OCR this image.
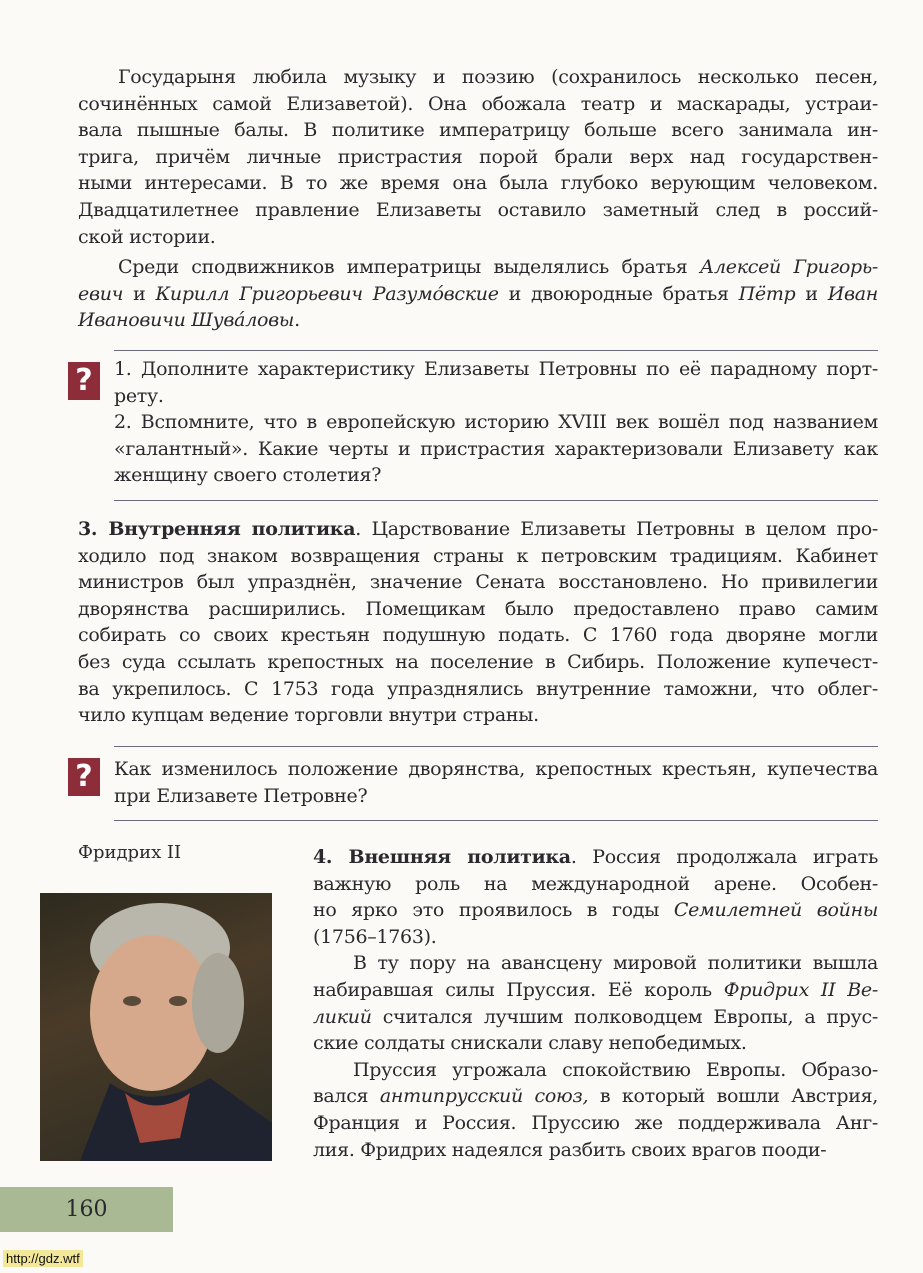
Государыня любила музыку и поэзию (сохранилось несколько песен,
сочинённых самой Елизаветой). Она обожала театр и маскарады, устраи-
вала пышные балы. В политике императрицу больше всего занимала ин-
трига, причём личные пристрастия порой брали верх над государствен-
ными интересами. В то же время она была глубоко верующим человеком.
Двадцатилетнее правление Елизаветы оставило заметный след в россий-
ской истории.
Среди сподвижников императрицы выделялись братья Алексей Григорь-
евич и Кирилл Григорьевич Разумóвские и двоюродные братья Пётр и Иван
Ивановичи Шувáловы.
?	1. Дополните характеристику Елизаветы Петровны по её парадному порт-
рету.
2. Вспомните, что в европейскую историю XVIII век вошёл под названием
«галантный». Какие черты и пристрастия характеризовали Елизавету как
женщину своего столетия?
3. Внутренняя политика. Царствование Елизаветы Петровны в целом про-
ходило под знаком возвращения страны к петровским традициям. Кабинет
министров был упразднён, значение Сената восстановлено. Но привилегии
дворянства расширились. Помещикам было предоставлено право самим
собирать со своих крестьян подушную подать. С 1760 года дворяне могли
без суда ссылать крепостных на поселение в Сибирь. Положение купечест-
ва укрепилось. С 1753 года упразднялись внутренние таможни, что облег-
чило купцам ведение торговли внутри страны.
?	Как изменилось положение дворянства, крепостных крестьян, купечества
при Елизавете Петровне?
Фридрих II	4. Внешняя политика. Россия продолжала играть
важную роль на международной арене. Особен-
но ярко это проявилось в годы Семилетней войны
(1756–1763).
В ту пору на авансцену мировой политики вышла
набиравшая силы Пруссия. Её король Фридрих II Ве-
ликий считался лучшим полководцем Европы, а прус-
ские солдаты снискали славу непобедимых.
Пруссия угрожала спокойствию Европы. Образо-
вался антипрусский союз, в который вошли Австрия,
Франция и Россия. Пруссию же поддерживала Анг-
лия. Фридрих надеялся разбить своих врагов пооди-
160
http://gdz.wtf
